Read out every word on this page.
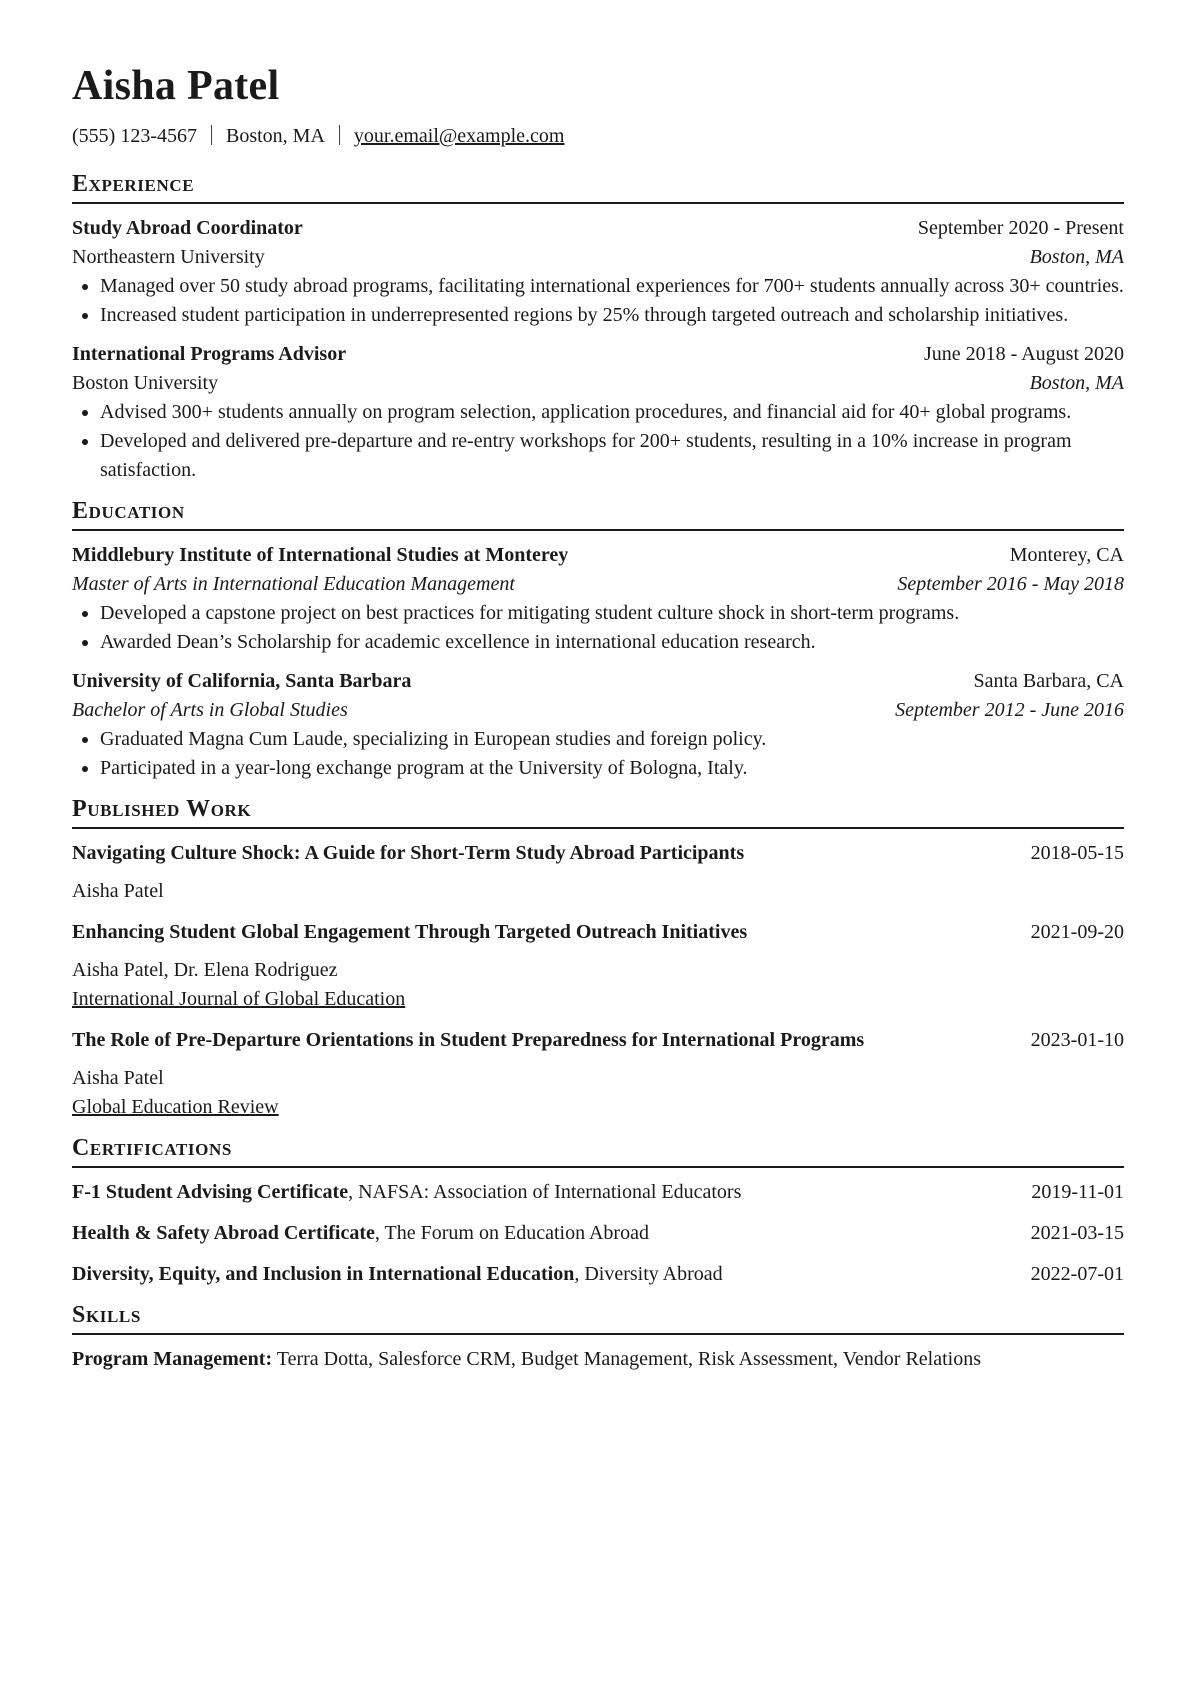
Aisha Patel
(555) 123-4567 Boston, MA your.email@example.com
Experience
Study Abroad Coordinator	September 2020 - Present
Northeastern University	Boston, MA
• Managed over 50 study abroad programs, facilitating international experiences for 700+ students annually across 30+ countries.
• Increased student participation in underrepresented regions by 25% through targeted outreach and scholarship initiatives.
International Programs Advisor	June 2018 - August 2020
Boston University	Boston, MA
• Advised 300+ students annually on program selection, application procedures, and financial aid for 40+ global programs.
• Developed and delivered pre-departure and re-entry workshops for 200+ students, resulting in a 10% increase in program satisfaction.
Education
Middlebury Institute of International Studies at Monterey	Monterey, CA
Master of Arts in International Education Management	September 2016 - May 2018
• Developed a capstone project on best practices for mitigating student culture shock in short-term programs.
• Awarded Dean’s Scholarship for academic excellence in international education research.
University of California, Santa Barbara	Santa Barbara, CA
Bachelor of Arts in Global Studies	September 2012 - June 2016
• Graduated Magna Cum Laude, specializing in European studies and foreign policy.
• Participated in a year-long exchange program at the University of Bologna, Italy.
Published Work
Navigating Culture Shock: A Guide for Short-Term Study Abroad Participants	2018-05-15
Aisha Patel
Enhancing Student Global Engagement Through Targeted Outreach Initiatives	2021-09-20
Aisha Patel, Dr. Elena Rodriguez
International Journal of Global Education
The Role of Pre-Departure Orientations in Student Preparedness for International Programs	2023-01-10
Aisha Patel
Global Education Review
Certifications
F-1 Student Advising Certificate, NAFSA: Association of International Educators	2019-11-01
Health & Safety Abroad Certificate, The Forum on Education Abroad	2021-03-15
Diversity, Equity, and Inclusion in International Education, Diversity Abroad	2022-07-01
Skills
Program Management: Terra Dotta, Salesforce CRM, Budget Management, Risk Assessment, Vendor Relations
